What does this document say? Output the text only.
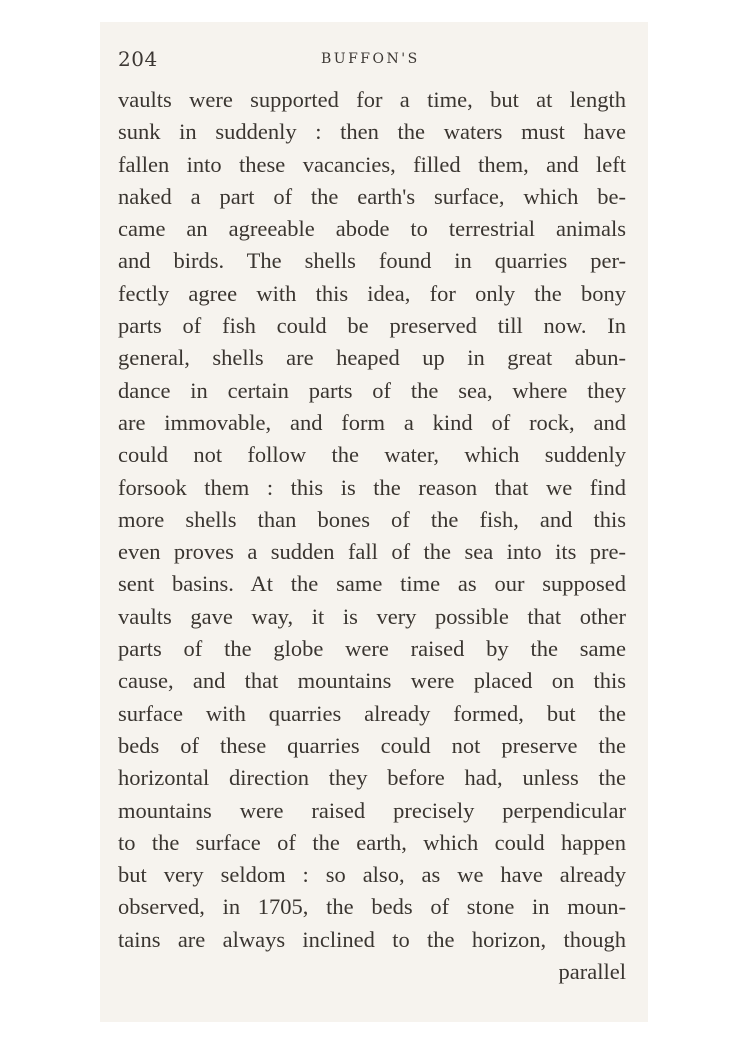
204	BUFFON'S
vaults were supported for a time, but at length
sunk in suddenly : then the waters must have
fallen into these vacancies, filled them, and left
naked a part of the earth's surface, which be-
came an agreeable abode to terrestrial animals
and birds. The shells found in quarries per-
fectly agree with this idea, for only the bony
parts of fish could be preserved till now. In
general, shells are heaped up in great abun-
dance in certain parts of the sea, where they
are immovable, and form a kind of rock, and
could not follow the water, which suddenly
forsook them : this is the reason that we find
more shells than bones of the fish, and this
even proves a sudden fall of the sea into its pre-
sent basins. At the same time as our supposed
vaults gave way, it is very possible that other
parts of the globe were raised by the same
cause, and that mountains were placed on this
surface with quarries already formed, but the
beds of these quarries could not preserve the
horizontal direction they before had, unless the
mountains were raised precisely perpendicular
to the surface of the earth, which could happen
but very seldom : so also, as we have already
observed, in 1705, the beds of stone in moun-
tains are always inclined to the horizon, though
parallel
